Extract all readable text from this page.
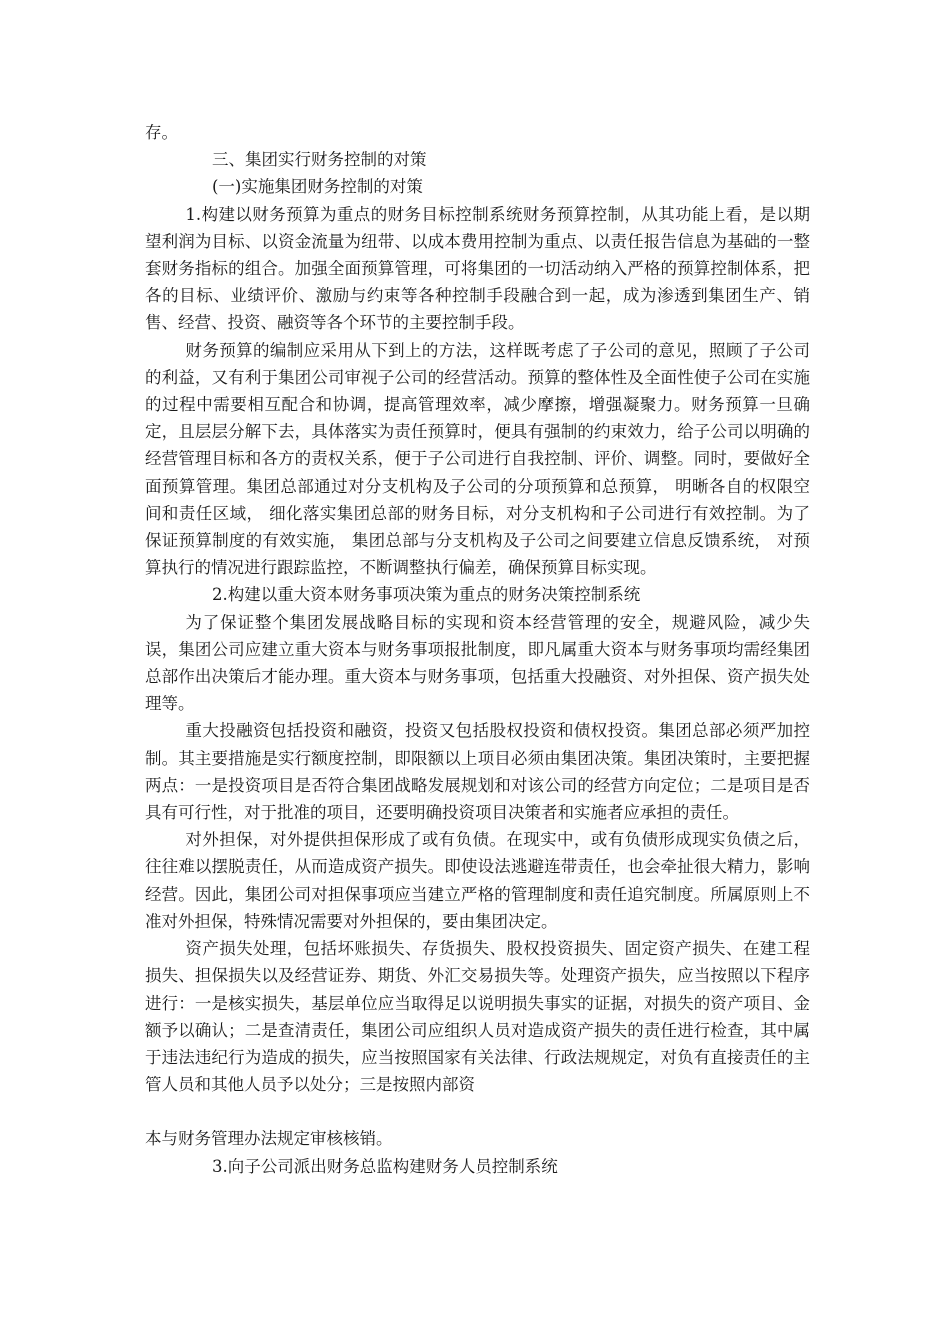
存。

三、集团实行财务控制的对策

(一)实施集团财务控制的对策

1.构建以财务预算为重点的财务目标控制系统财务预算控制，从其功能上看，是以期望利润为目标、以资金流量为纽带、以成本费用控制为重点、以责任报告信息为基础的一整套财务指标的组合。加强全面预算管理，可将集团的一切活动纳入严格的预算控制体系，把各的目标、业绩评价、激励与约束等各种控制手段融合到一起，成为渗透到集团生产、销售、经营、投资、融资等各个环节的主要控制手段。

财务预算的编制应采用从下到上的方法，这样既考虑了子公司的意见，照顾了子公司的利益，又有利于集团公司审视子公司的经营活动。预算的整体性及全面性使子公司在实施的过程中需要相互配合和协调，提高管理效率，减少摩擦，增强凝聚力。财务预算一旦确定，且层层分解下去，具体落实为责任预算时，便具有强制的约束效力，给子公司以明确的经营管理目标和各方的责权关系，便于子公司进行自我控制、评价、调整。同时，要做好全面预算管理。集团总部通过对分支机构及子公司的分项预算和总预算， 明晰各自的权限空间和责任区域， 细化落实集团总部的财务目标，对分支机构和子公司进行有效控制。为了保证预算制度的有效实施， 集团总部与分支机构及子公司之间要建立信息反馈系统， 对预算执行的情况进行跟踪监控，不断调整执行偏差，确保预算目标实现。

2.构建以重大资本财务事项决策为重点的财务决策控制系统

为了保证整个集团发展战略目标的实现和资本经营管理的安全，规避风险，减少失误，集团公司应建立重大资本与财务事项报批制度，即凡属重大资本与财务事项均需经集团总部作出决策后才能办理。重大资本与财务事项，包括重大投融资、对外担保、资产损失处理等。

重大投融资包括投资和融资，投资又包括股权投资和债权投资。集团总部必须严加控制。其主要措施是实行额度控制，即限额以上项目必须由集团决策。集团决策时，主要把握两点：一是投资项目是否符合集团战略发展规划和对该公司的经营方向定位；二是项目是否具有可行性，对于批准的项目，还要明确投资项目决策者和实施者应承担的责任。

对外担保，对外提供担保形成了或有负债。在现实中，或有负债形成现实负债之后，往往难以摆脱责任，从而造成资产损失。即使设法逃避连带责任，也会牵扯很大精力，影响经营。因此，集团公司对担保事项应当建立严格的管理制度和责任追究制度。所属原则上不准对外担保，特殊情况需要对外担保的，要由集团决定。

资产损失处理，包括坏账损失、存货损失、股权投资损失、固定资产损失、在建工程损失、担保损失以及经营证券、期货、外汇交易损失等。处理资产损失，应当按照以下程序进行：一是核实损失，基层单位应当取得足以说明损失事实的证据，对损失的资产项目、金额予以确认；二是查清责任，集团公司应组织人员对造成资产损失的责任进行检查，其中属于违法违纪行为造成的损失，应当按照国家有关法律、行政法规规定，对负有直接责任的主管人员和其他人员予以处分；三是按照内部资

本与财务管理办法规定审核核销。

3.向子公司派出财务总监构建财务人员控制系统
